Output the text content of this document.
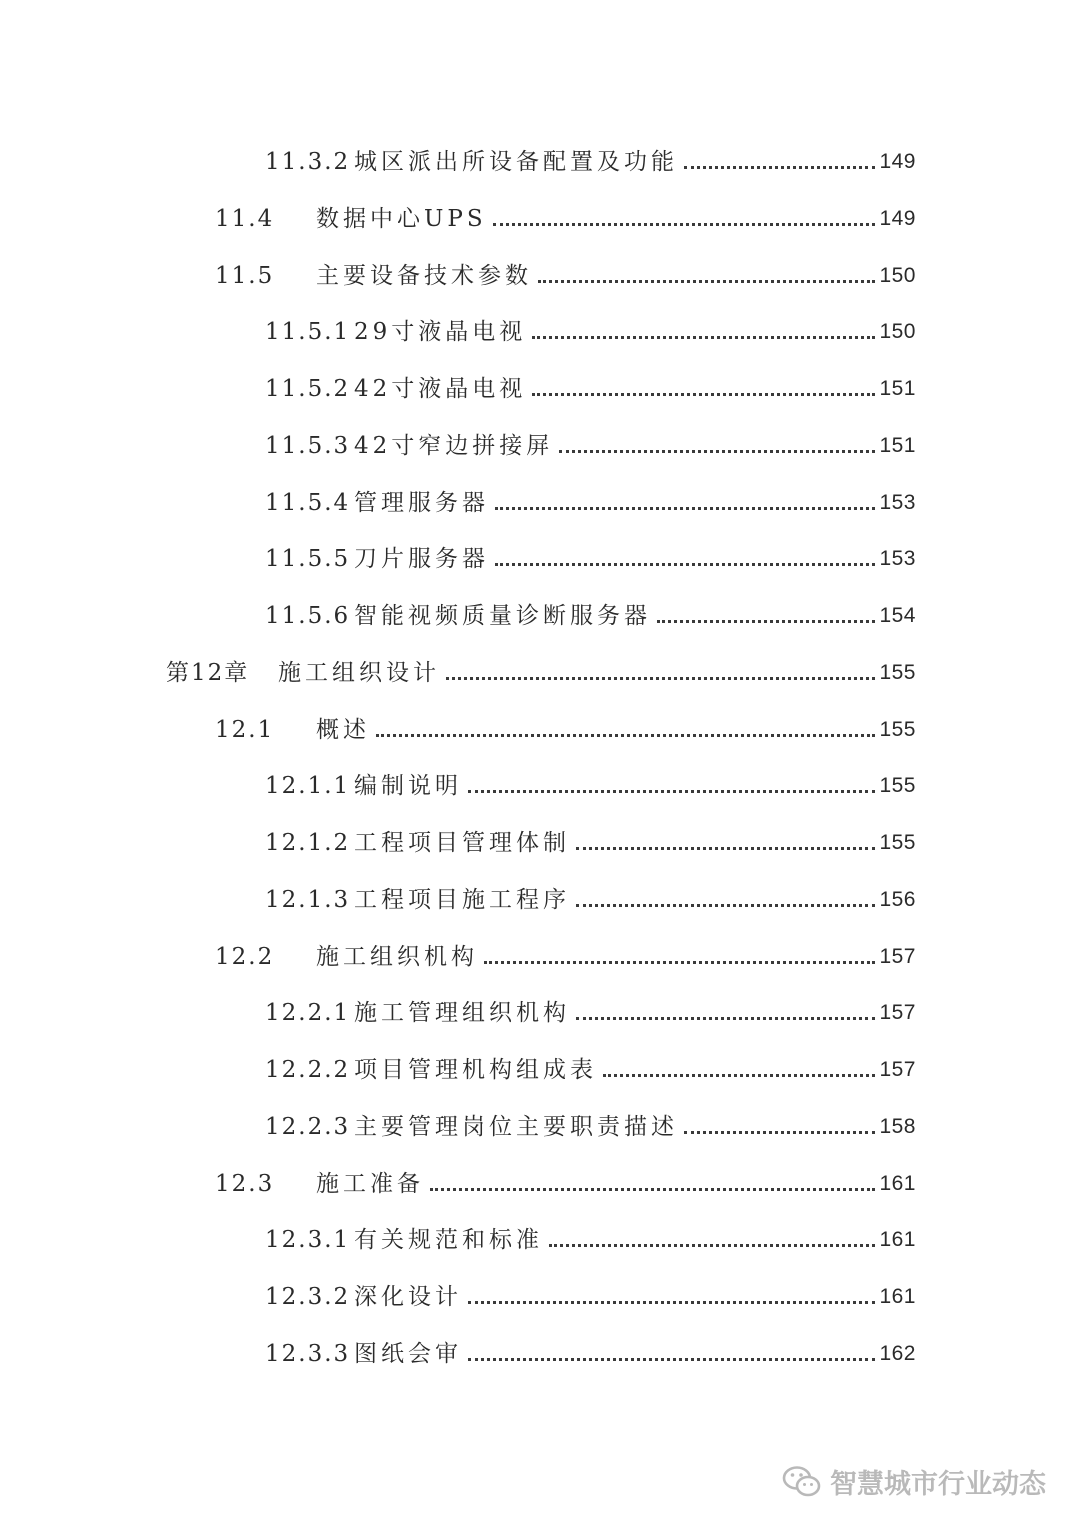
11.3.2 城区派出所设备配置及功能	149
11.4	数据中心UPS	149
11.5	主要设备技术参数	150
11.5.1 29寸液晶电视	150
11.5.2 42寸液晶电视	151
11.5.3 42寸窄边拼接屏	151
11.5.4 管理服务器	153
11.5.5 刀片服务器	153
11.5.6 智能视频质量诊断服务器	154
第12章	施工组织设计	155
12.1	概述	155
12.1.1 编制说明	155
12.1.2 工程项目管理体制	155
12.1.3 工程项目施工程序	156
12.2	施工组织机构	157
12.2.1 施工管理组织机构	157
12.2.2 项目管理机构组成表	157
12.2.3 主要管理岗位主要职责描述	158
12.3	施工准备	161
12.3.1 有关规范和标准	161
12.3.2 深化设计	161
12.3.3 图纸会审	162
智慧城市行业动态
